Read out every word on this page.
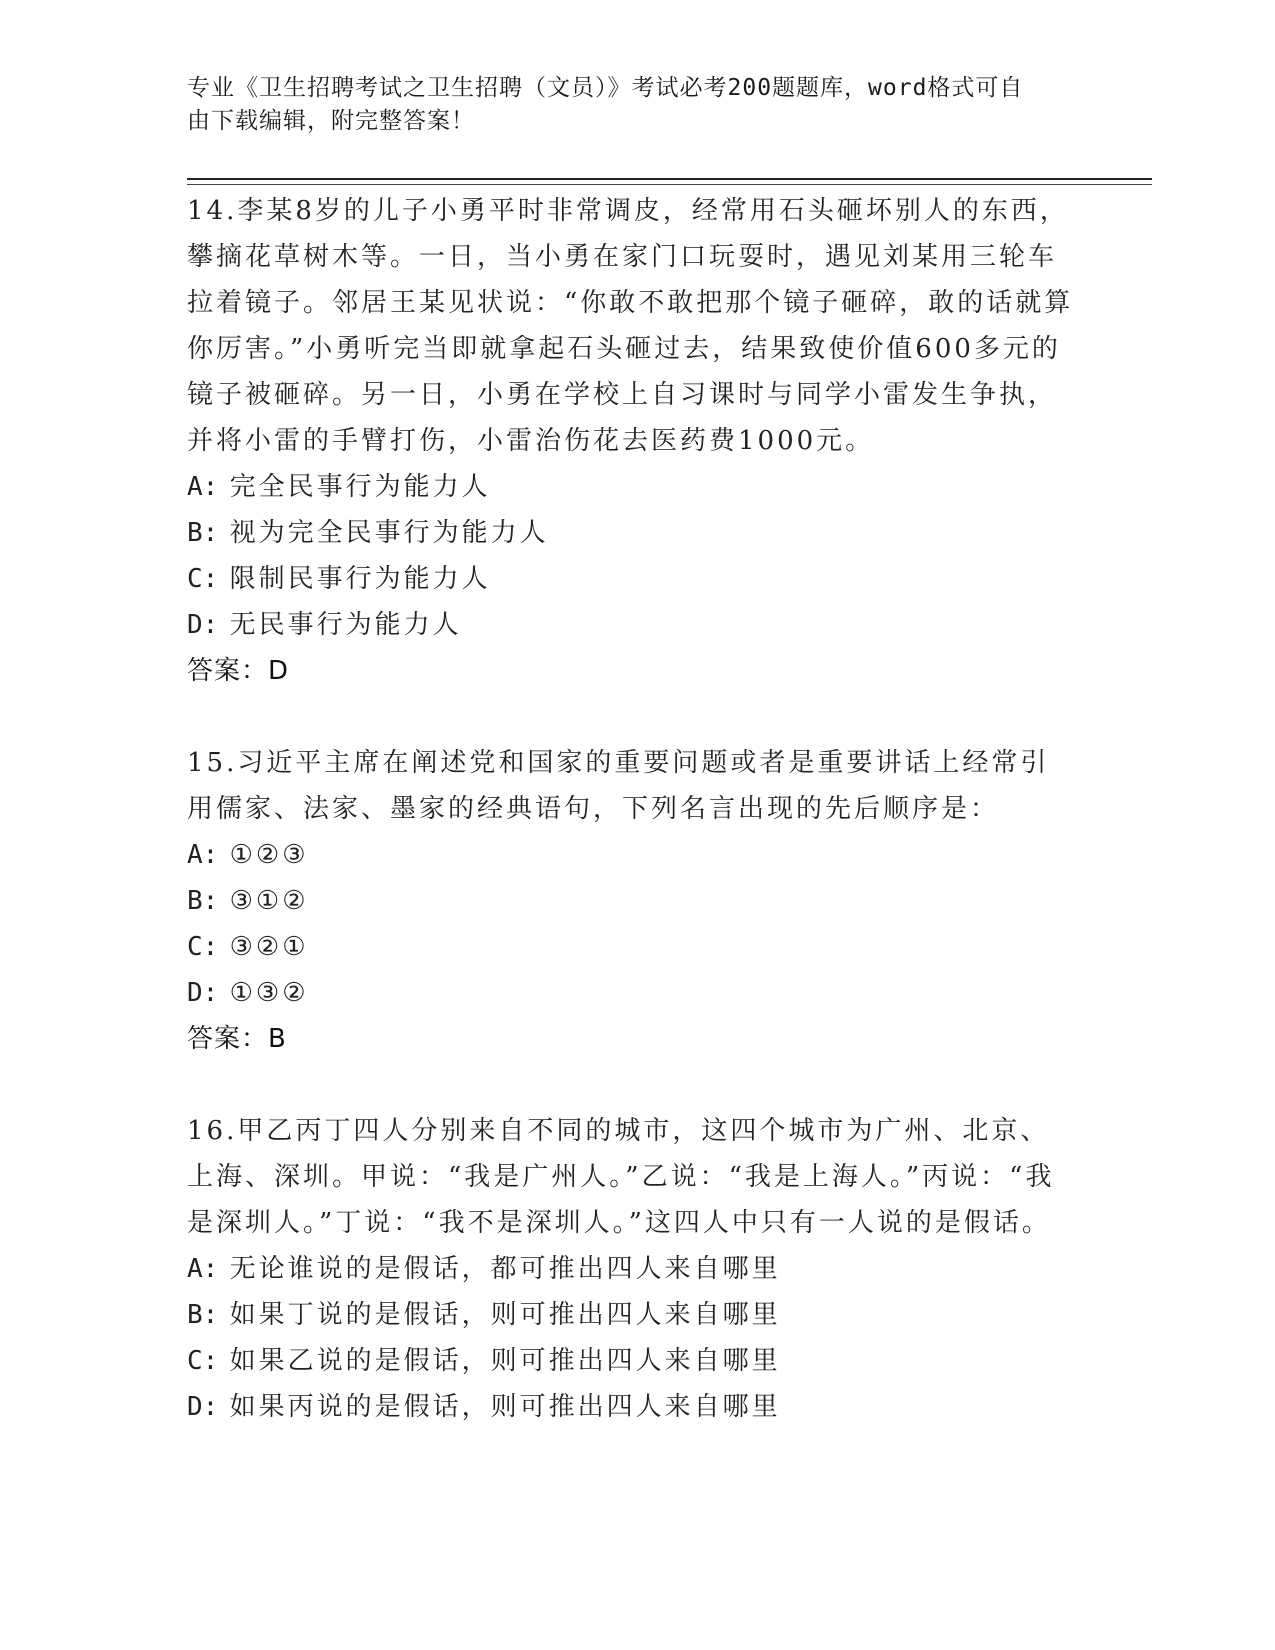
专业《卫生招聘考试之卫生招聘（文员）》考试必考200题题库，word格式可自
由下载编辑，附完整答案！

14.李某8岁的儿子小勇平时非常调皮，经常用石头砸坏别人的东西，攀摘花草树木等。一日，当小勇在家门口玩耍时，遇见刘某用三轮车拉着镜子。邻居王某见状说：“你敢不敢把那个镜子砸碎，敢的话就算你厉害。”小勇听完当即就拿起石头砸过去，结果致使价值600多元的镜子被砸碎。另一日，小勇在学校上自习课时与同学小雷发生争执，并将小雷的手臂打伤，小雷治伤花去医药费1000元。

A: 完全民事行为能力人

B: 视为完全民事行为能力人

C: 限制民事行为能力人

D: 无民事行为能力人

答案：D

15.习近平主席在阐述党和国家的重要问题或者是重要讲话上经常引用儒家、法家、墨家的经典语句，下列名言出现的先后顺序是：

A: ①②③

B: ③①②

C: ③②①

D: ①③②

答案：B

16.甲乙丙丁四人分别来自不同的城市，这四个城市为广州、北京、上海、深圳。甲说：“我是广州人。”乙说：“我是上海人。”丙说：“我是深圳人。”丁说：“我不是深圳人。”这四人中只有一人说的是假话。

A: 无论谁说的是假话，都可推出四人来自哪里

B: 如果丁说的是假话，则可推出四人来自哪里

C: 如果乙说的是假话，则可推出四人来自哪里

D: 如果丙说的是假话，则可推出四人来自哪里
